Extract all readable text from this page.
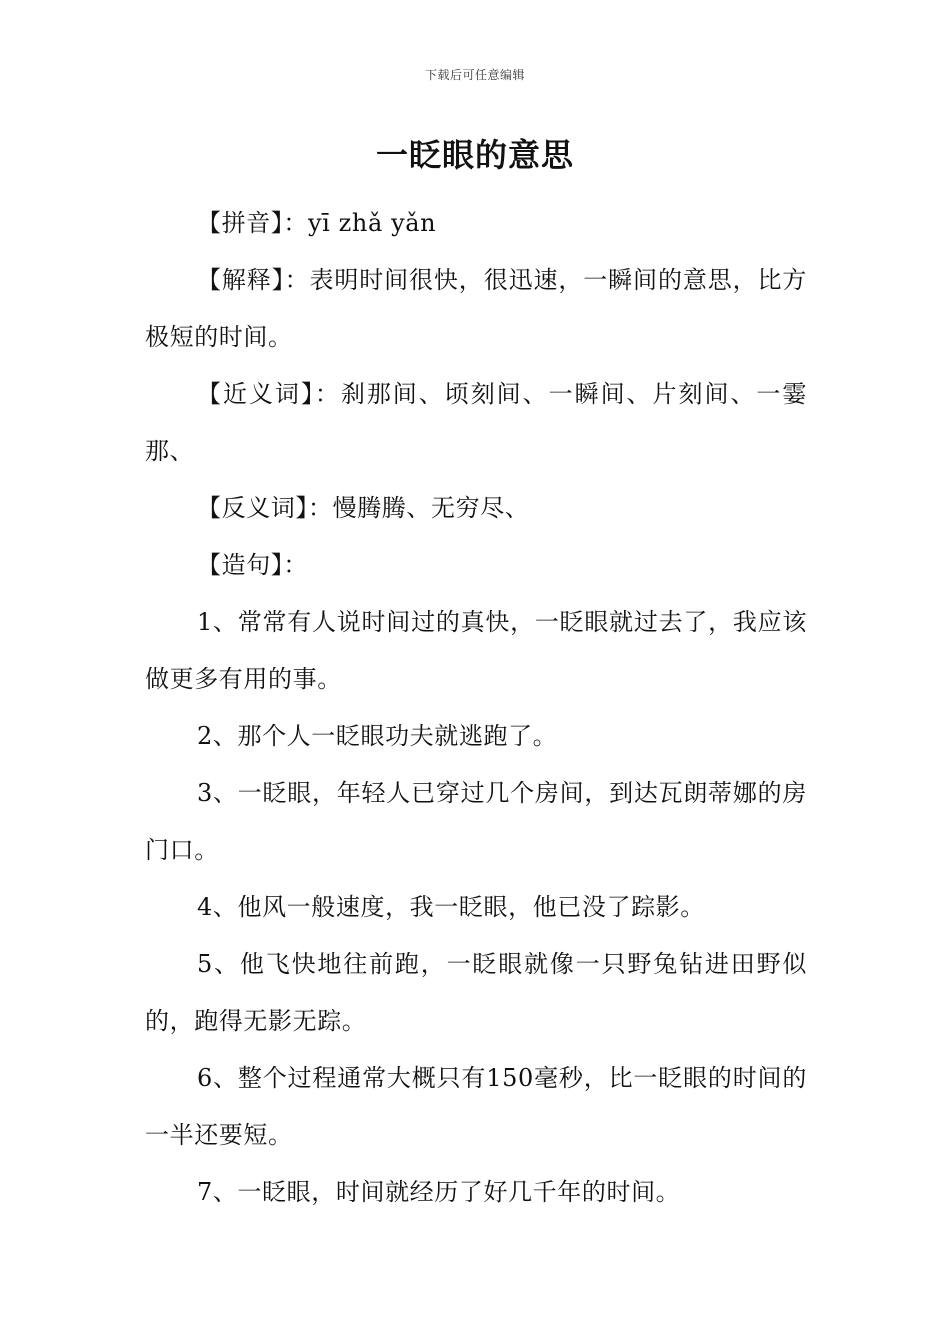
下载后可任意编辑
一眨眼的意思

【拼音】：yī zhǎ yǎn

【解释】：表明时间很快，很迅速，一瞬间的意思，比方极短的时间。

【近义词】：刹那间、顷刻间、一瞬间、片刻间、一霎那、

【反义词】：慢腾腾、无穷尽、

【造句】：

1、常常有人说时间过的真快，一眨眼就过去了，我应该做更多有用的事。

2、那个人一眨眼功夫就逃跑了。

3、一眨眼，年轻人已穿过几个房间，到达瓦朗蒂娜的房门口。

4、他风一般速度，我一眨眼，他已没了踪影。

5、他飞快地往前跑，一眨眼就像一只野兔钻进田野似的，跑得无影无踪。

6、整个过程通常大概只有150毫秒，比一眨眼的时间的一半还要短。

7、一眨眼，时间就经历了好几千年的时间。
